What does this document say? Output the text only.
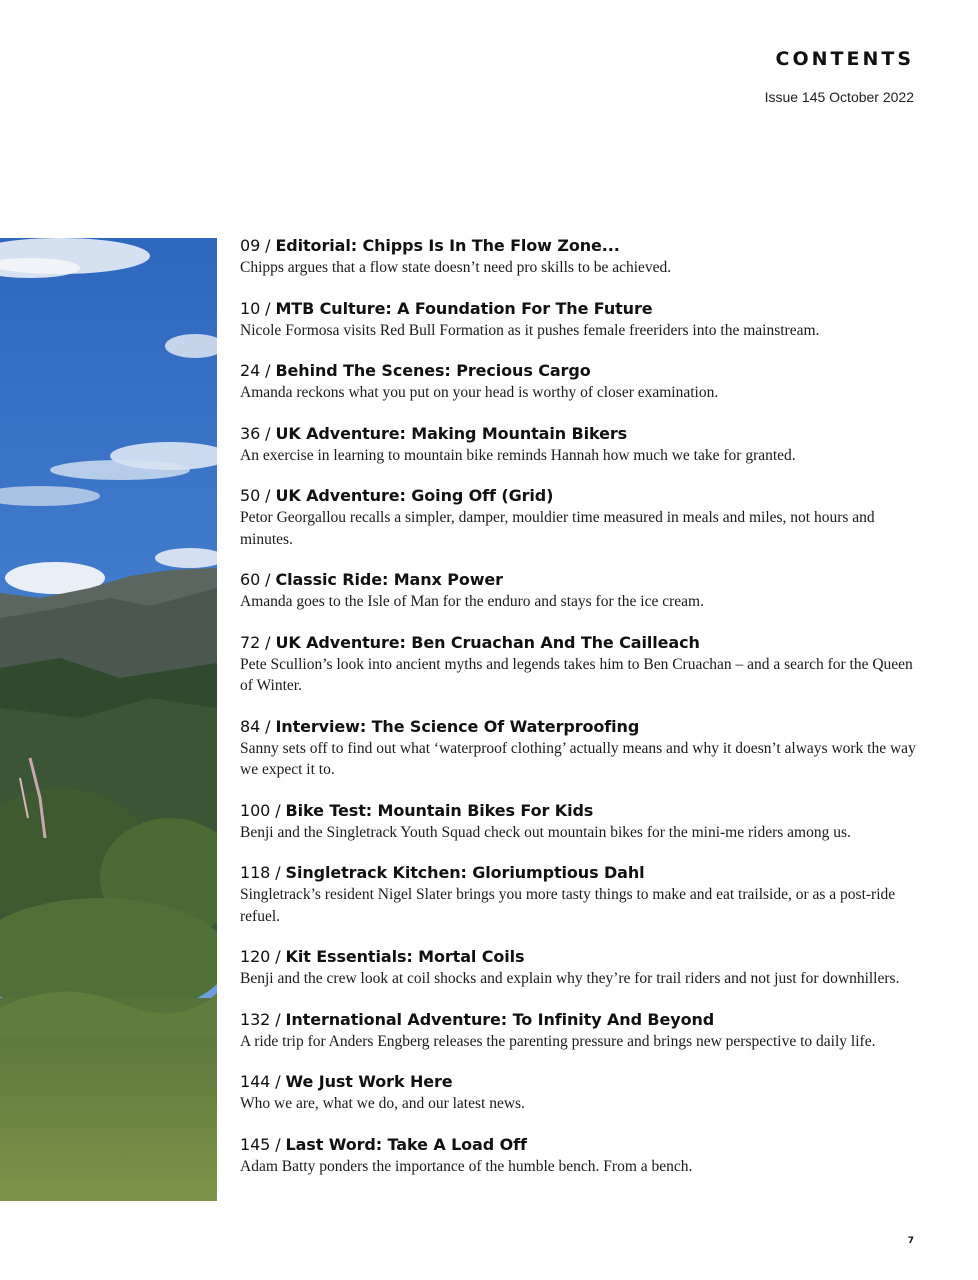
CONTENTS
Issue 145 October 2022
09 / Editorial: Chipps Is In The Flow Zone...
Chipps argues that a flow state doesn’t need pro skills to be achieved.
10 / MTB Culture: A Foundation For The Future
Nicole Formosa visits Red Bull Formation as it pushes female freeriders into the mainstream.
24 / Behind The Scenes: Precious Cargo
Amanda reckons what you put on your head is worthy of closer examination.
36 / UK Adventure: Making Mountain Bikers
An exercise in learning to mountain bike reminds Hannah how much we take for granted.
50 / UK Adventure: Going Off (Grid)
Petor Georgallou recalls a simpler, damper, mouldier time measured in meals and miles, not hours and minutes.
60 / Classic Ride: Manx Power
Amanda goes to the Isle of Man for the enduro and stays for the ice cream.
72 / UK Adventure: Ben Cruachan And The Cailleach
Pete Scullion’s look into ancient myths and legends takes him to Ben Cruachan – and a search for the Queen of Winter.
84 / Interview: The Science Of Waterproofing
Sanny sets off to find out what ‘waterproof clothing’ actually means and why it doesn’t always work the way we expect it to.
100 / Bike Test: Mountain Bikes For Kids
Benji and the Singletrack Youth Squad check out mountain bikes for the mini-me riders among us.
118 / Singletrack Kitchen: Gloriumptious Dahl
Singletrack’s resident Nigel Slater brings you more tasty things to make and eat trailside, or as a post-ride refuel.
120 / Kit Essentials: Mortal Coils
Benji and the crew look at coil shocks and explain why they’re for trail riders and not just for downhillers.
132 / International Adventure: To Infinity And Beyond
A ride trip for Anders Engberg releases the parenting pressure and brings new perspective to daily life.
144 / We Just Work Here
Who we are, what we do, and our latest news.
145 / Last Word: Take A Load Off
Adam Batty ponders the importance of the humble bench. From a bench.
7
